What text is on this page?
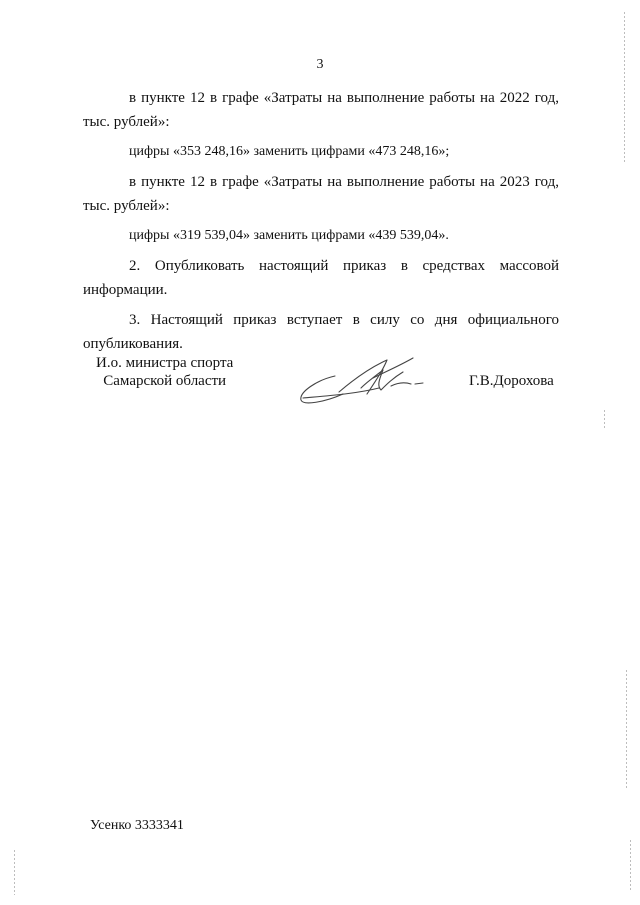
3

в пункте 12 в графе «Затраты на выполнение работы на 2022 год, тыс. рублей»:

цифры «353 248,16» заменить цифрами «473 248,16»;

в пункте 12 в графе «Затраты на выполнение работы на 2023 год, тыс. рублей»:

цифры «319 539,04» заменить цифрами «439 539,04».

2. Опубликовать настоящий приказ в средствах массовой информации.

3. Настоящий приказ вступает в силу со дня официального опубликования.

И.о. министра спорта
Самарской области	Г.В.Дорохова
Усенко 3333341
